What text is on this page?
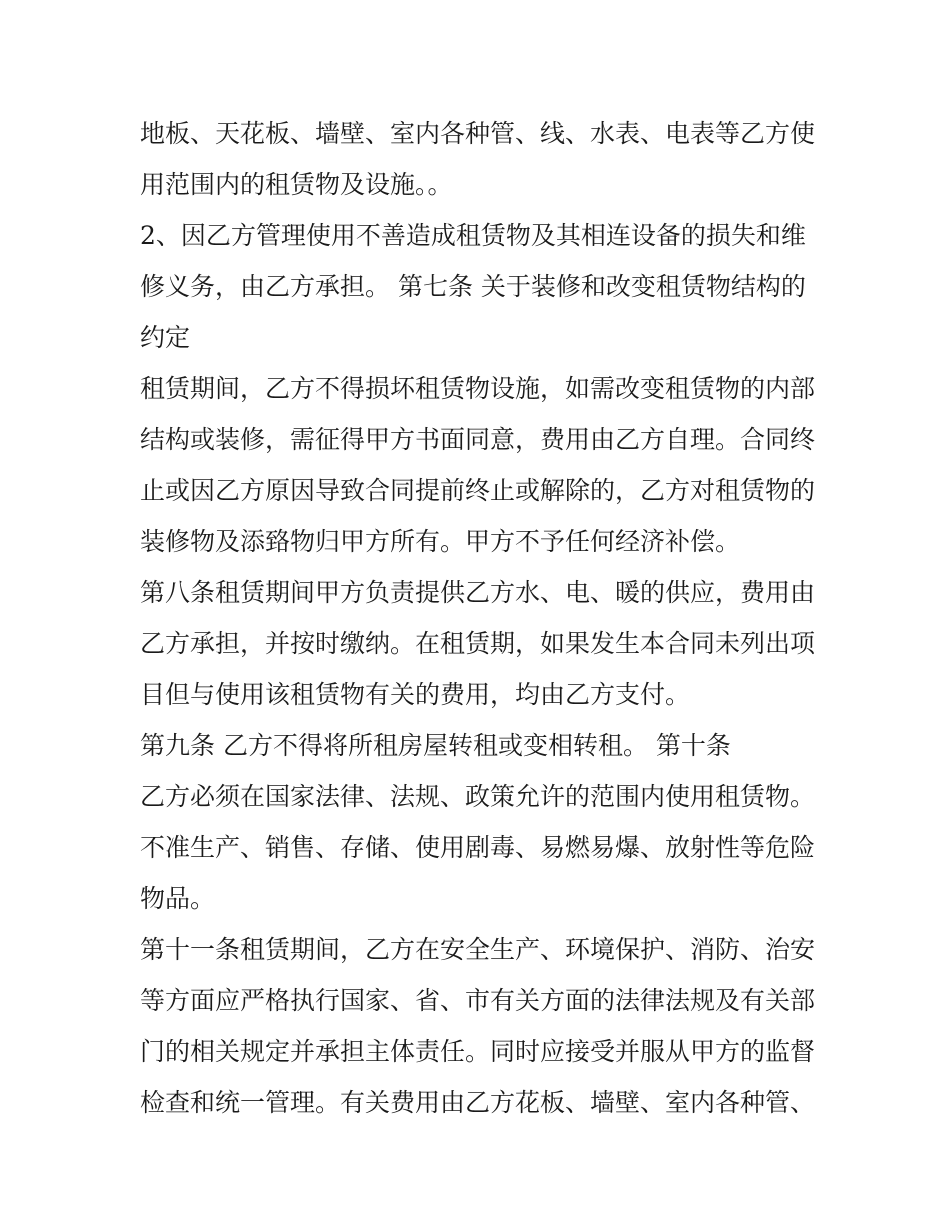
地板、天花板、墙壁、室内各种管、线、水表、电表等乙方使
用范围内的租赁物及设施。。
2、因乙方管理使用不善造成租赁物及其相连设备的损失和维
修义务，由乙方承担。 第七条 关于装修和改变租赁物结构的
约定
租赁期间，乙方不得损坏租赁物设施，如需改变租赁物的内部
结构或装修，需征得甲方书面同意，费用由乙方自理。合同终
止或因乙方原因导致合同提前终止或解除的，乙方对租赁物的
装修物及添臵物归甲方所有。甲方不予任何经济补偿。
第八条租赁期间甲方负责提供乙方水、电、暖的供应，费用由
乙方承担，并按时缴纳。在租赁期，如果发生本合同未列出项
目但与使用该租赁物有关的费用，均由乙方支付。
第九条 乙方不得将所租房屋转租或变相转租。 第十条
乙方必须在国家法律、法规、政策允许的范围内使用租赁物。
不准生产、销售、存储、使用剧毒、易燃易爆、放射性等危险
物品。
第十一条租赁期间，乙方在安全生产、环境保护、消防、治安
等方面应严格执行国家、省、市有关方面的法律法规及有关部
门的相关规定并承担主体责任。同时应接受并服从甲方的监督
检查和统一管理。有关费用由乙方花板、墙壁、室内各种管、
